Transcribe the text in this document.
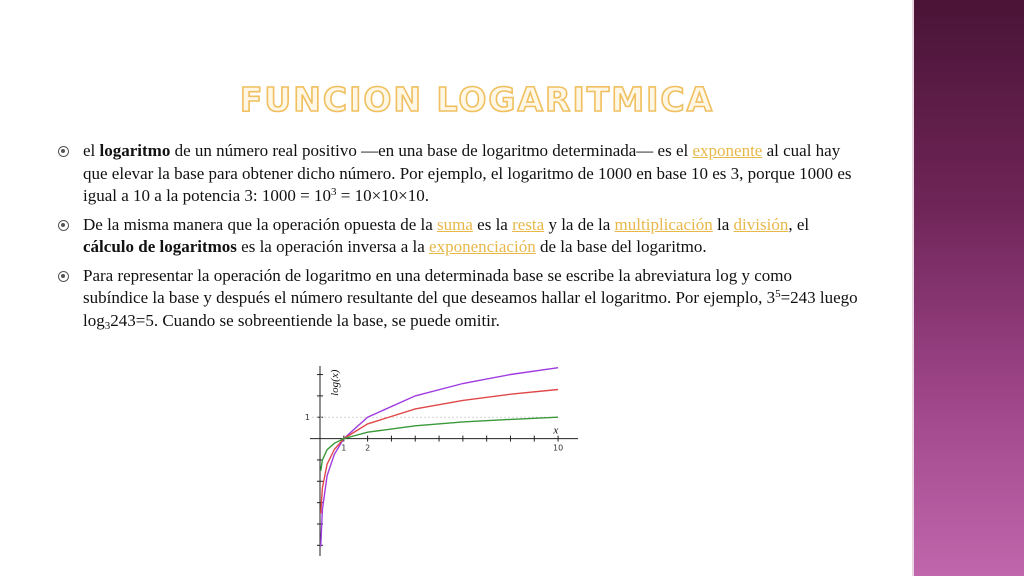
FUNCION LOGARITMICA
el logaritmo de un número real positivo —en una base de logaritmo determinada— es el exponente al cual hay que elevar la base para obtener dicho número. Por ejemplo, el logaritmo de 1000 en base 10 es 3, porque 1000 es igual a 10 a la potencia 3: $1000 = 10^3 = 10\times 10\times 10$.
De la misma manera que la operación opuesta de la suma es la resta y la de la multiplicación la división, el cálculo de logaritmos es la operación inversa a la exponenciación de la base del logaritmo.
Para representar la operación de logaritmo en una determinada base se escribe la abreviatura log y como subíndice la base y después el número resultante del que deseamos hallar el logaritmo. Por ejemplo, $3^5=243$ luego $\log_3243=5$. Cuando se sobreentiende la base, se puede omitir.
1 2	10
1
log(x)
x
